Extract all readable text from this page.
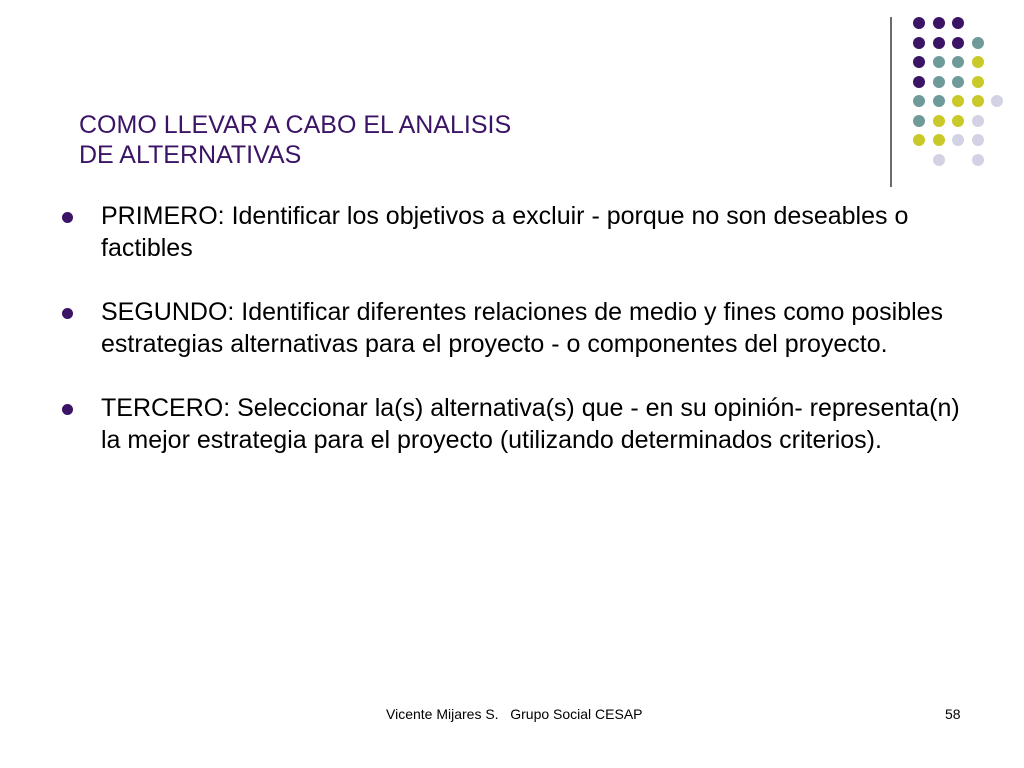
COMO LLEVAR A CABO EL ANALISIS
DE ALTERNATIVAS
PRIMERO: Identificar los objetivos a excluir - porque no son deseables o factibles
SEGUNDO: Identificar diferentes relaciones de medio y fines como posibles estrategias alternativas para el proyecto - o componentes del proyecto.
TERCERO: Seleccionar la(s) alternativa(s) que - en su opinión- representa(n) la mejor estrategia para el proyecto (utilizando determinados criterios).
Vicente Mijares S.   Grupo Social CESAP	58
